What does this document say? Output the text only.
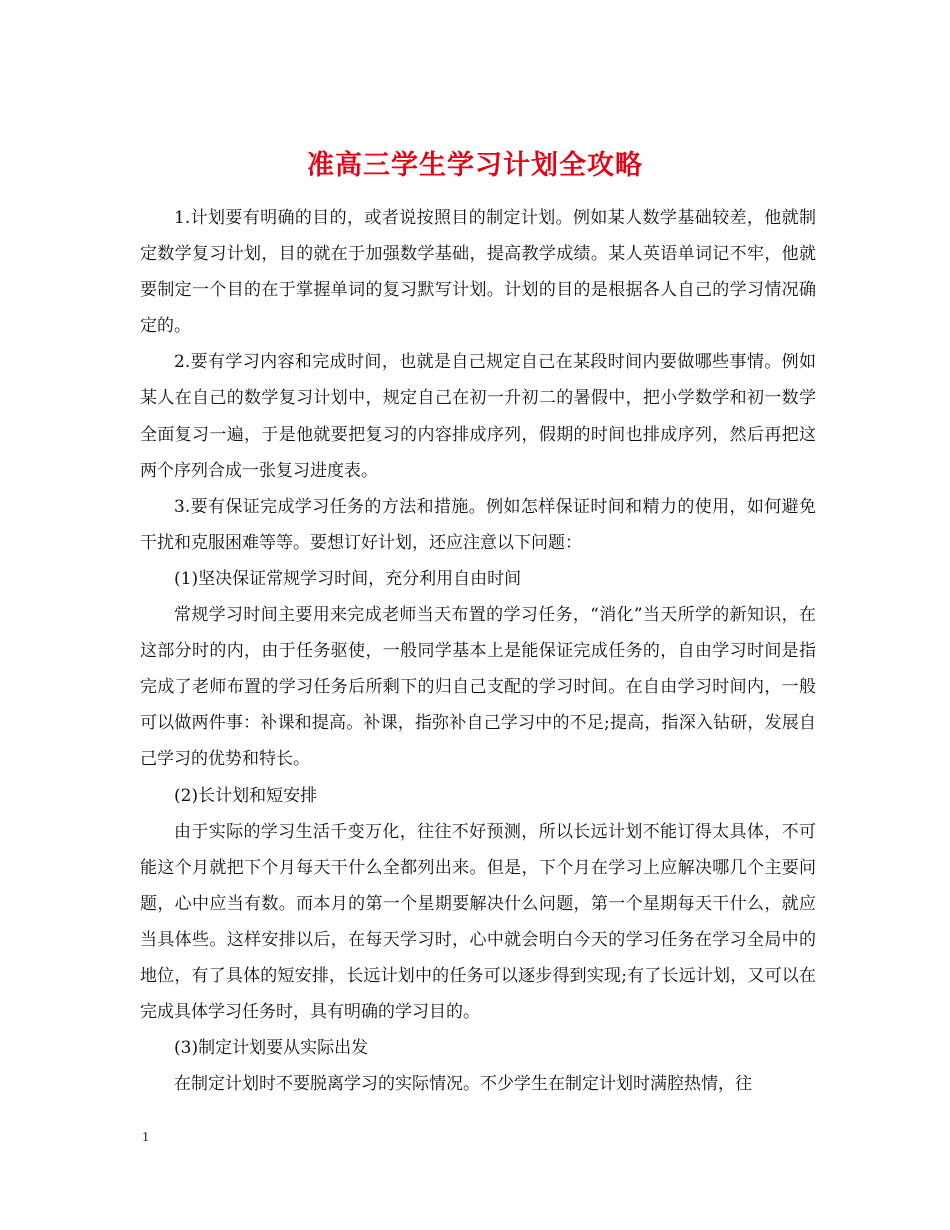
准高三学生学习计划全攻略

1.计划要有明确的目的，或者说按照目的制定计划。例如某人数学基础较差，他就制定数学复习计划，目的就在于加强数学基础，提高教学成绩。某人英语单词记不牢，他就要制定一个目的在于掌握单词的复习默写计划。计划的目的是根据各人自己的学习情况确定的。

2.要有学习内容和完成时间，也就是自己规定自己在某段时间内要做哪些事情。例如某人在自己的数学复习计划中，规定自己在初一升初二的暑假中，把小学数学和初一数学全面复习一遍，于是他就要把复习的内容排成序列，假期的时间也排成序列，然后再把这两个序列合成一张复习进度表。

3.要有保证完成学习任务的方法和措施。例如怎样保证时间和精力的使用，如何避免干扰和克服困难等等。要想订好计划，还应注意以下问题：

(1)坚决保证常规学习时间，充分利用自由时间

常规学习时间主要用来完成老师当天布置的学习任务，“消化”当天所学的新知识，在这部分时的内，由于任务驱使，一般同学基本上是能保证完成任务的，自由学习时间是指完成了老师布置的学习任务后所剩下的归自己支配的学习时间。在自由学习时间内，一般可以做两件事：补课和提高。补课，指弥补自己学习中的不足;提高，指深入钻研，发展自己学习的优势和特长。

(2)长计划和短安排

由于实际的学习生活千变万化，往往不好预测，所以长远计划不能订得太具体，不可能这个月就把下个月每天干什么全都列出来。但是，下个月在学习上应解决哪几个主要问题，心中应当有数。而本月的第一个星期要解决什么问题，第一个星期每天干什么，就应当具体些。这样安排以后，在每天学习时，心中就会明白今天的学习任务在学习全局中的地位，有了具体的短安排，长远计划中的任务可以逐步得到实现;有了长远计划，又可以在完成具体学习任务时，具有明确的学习目的。

(3)制定计划要从实际出发

在制定计划时不要脱离学习的实际情况。不少学生在制定计划时满腔热情，往

1
